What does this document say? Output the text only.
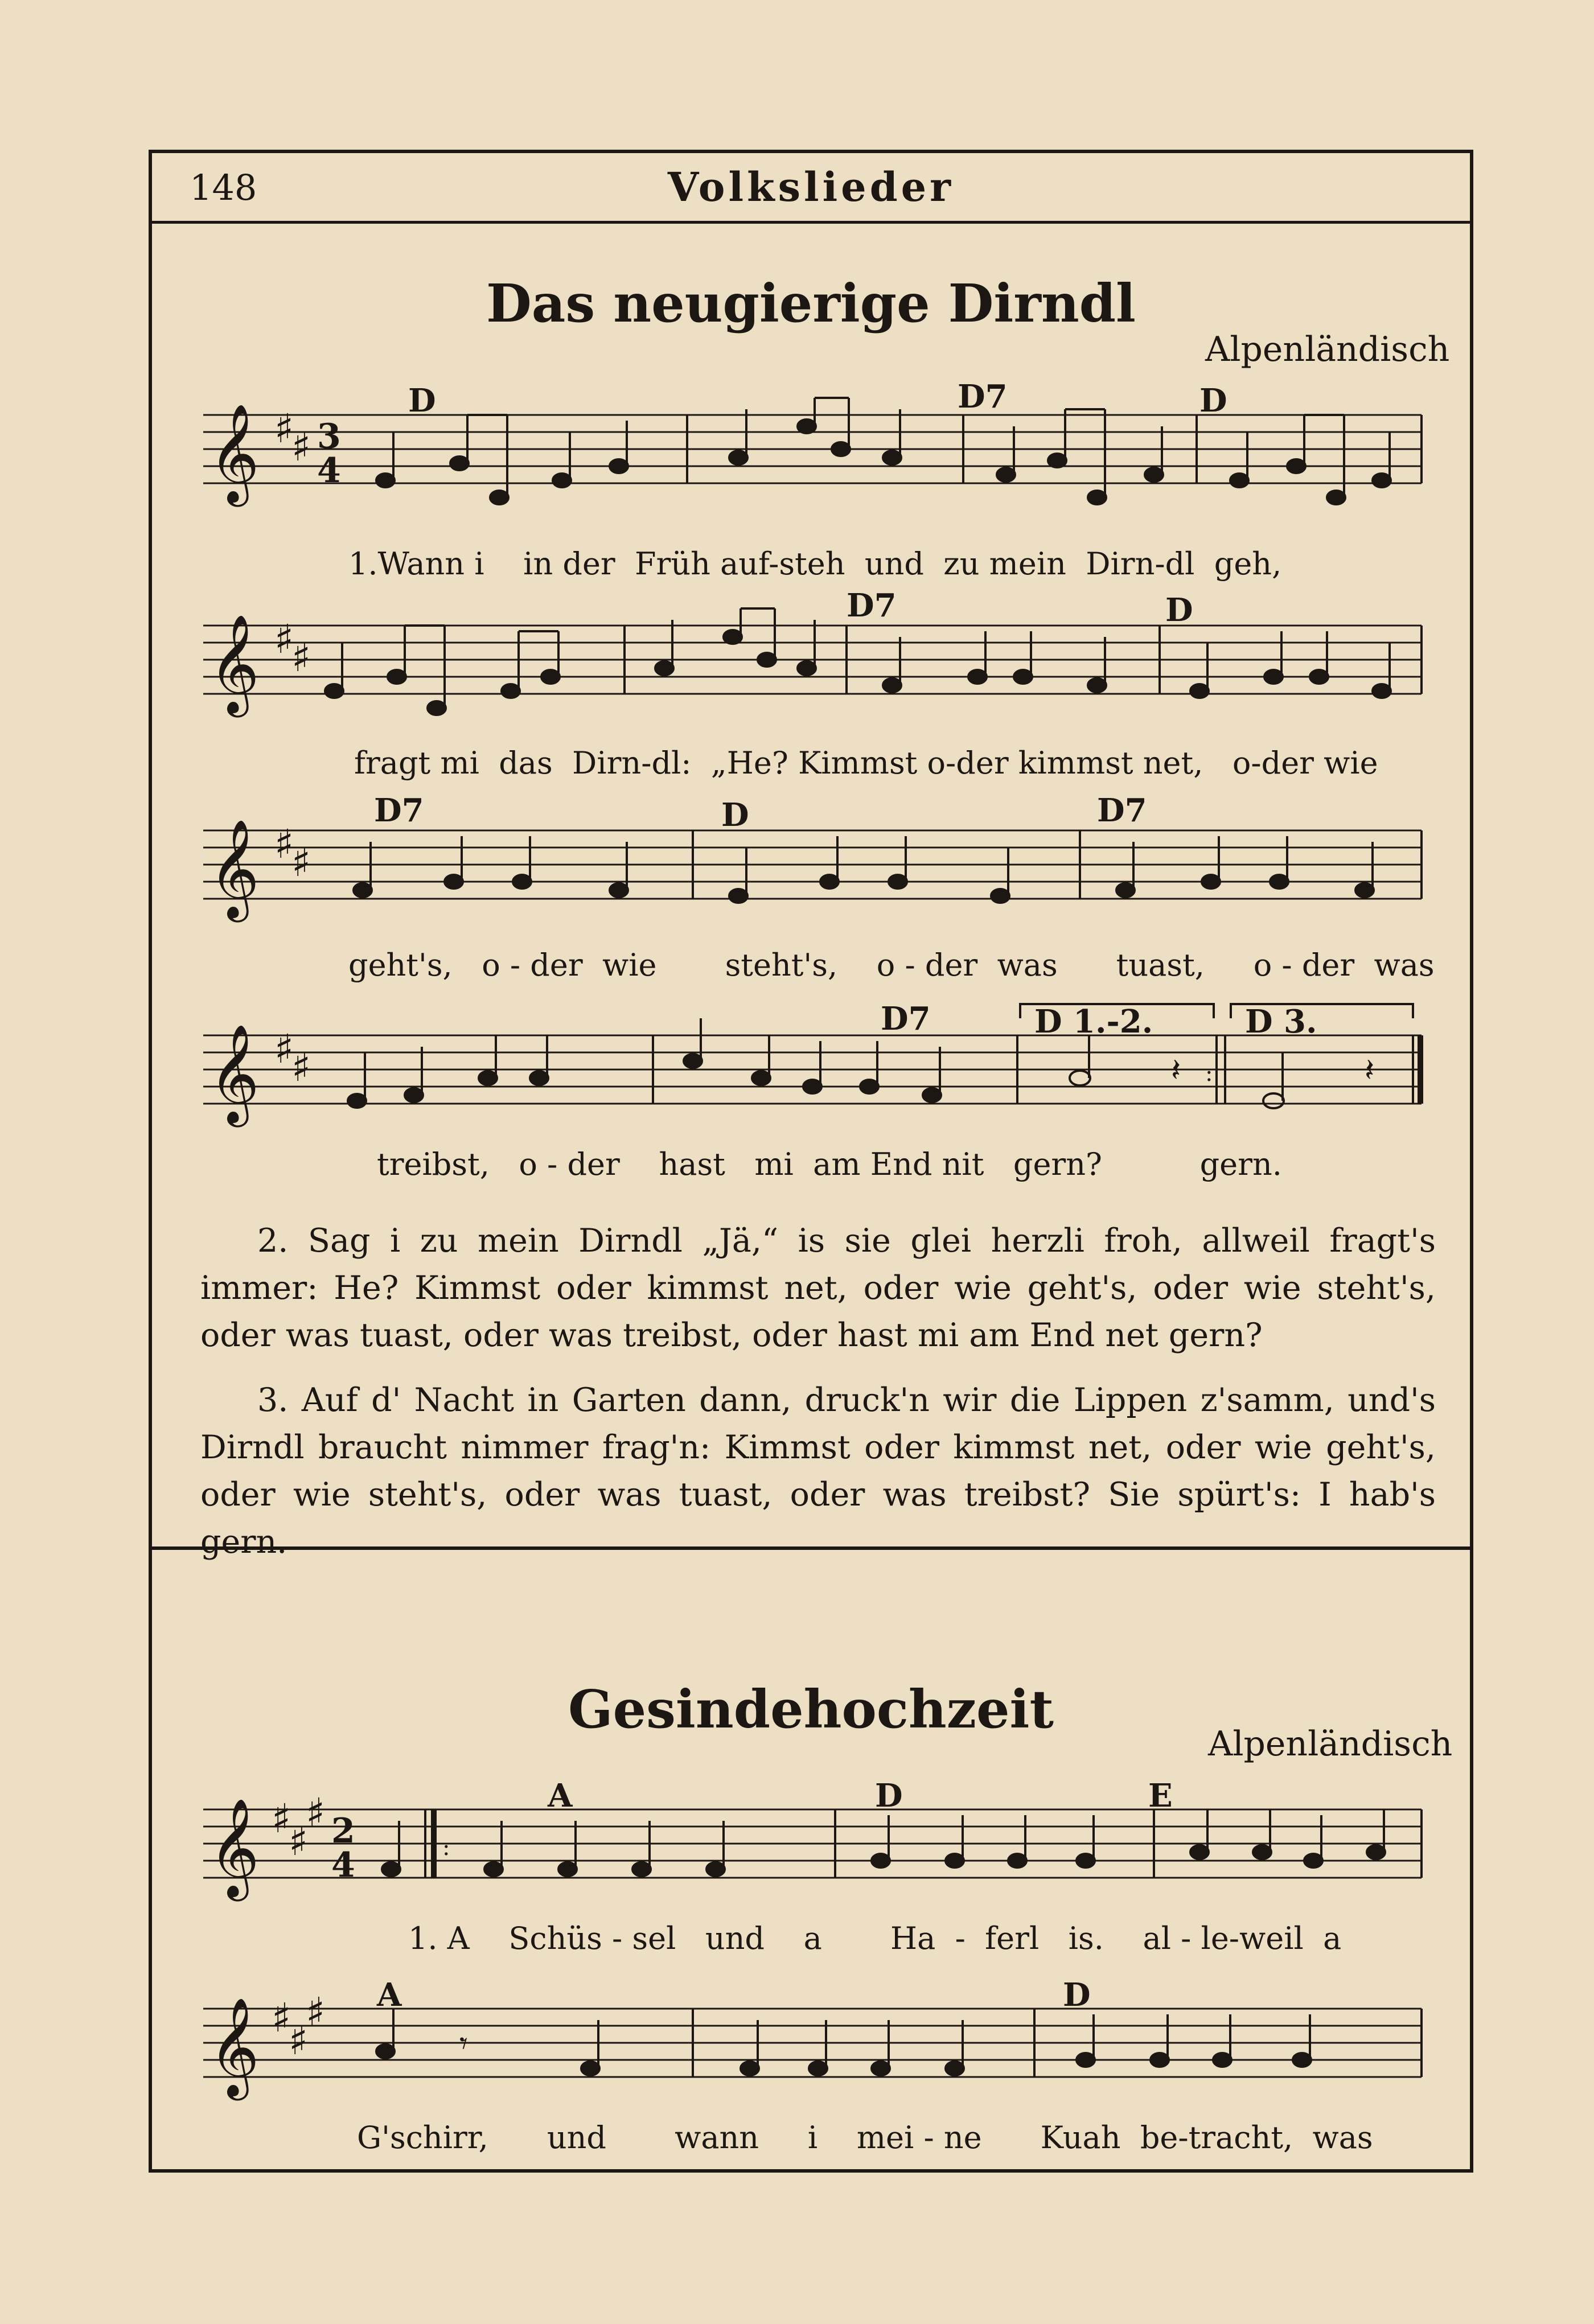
148	Volkslieder
Das neugierige Dirndl
Alpenländisch
𝄞 ♯
♯ 3
4
D	D7	D
1.Wann i    in der  Früh auf-steh  und  zu mein  Dirn-dl  geh,
𝄞 ♯
♯
D7	D
fragt mi  das  Dirn-dl:  „He? Kimmst o-der kimmst net,   o-der wie
𝄞 ♯
♯
D7	D	D7
geht's,   o - der  wie       steht's,    o - der  was      tuast,     o - der  was
𝄞 ♯
♯	𝄽 :	𝄽
D7	D 1.-2.	D 3.
treibst,   o - der    hast   mi  am End nit   gern?          gern.
2. Sag i zu mein Dirndl „Jä,“ is sie glei herzli froh, allweil fragt's immer: He? Kimmst oder kimmst net, oder wie geht's, oder wie steht's, oder was tuast, oder was treibst, oder hast mi am End net gern?
3. Auf d' Nacht in Garten dann, druck'n wir die Lippen z'samm, und's Dirndl braucht nimmer frag'n: Kimmst oder kimmst net, oder wie geht's, oder wie steht's, oder was tuast, oder was treibst? Sie spürt's: I hab's gern.
Gesindehochzeit
Alpenländisch
𝄞 ♯
♯
♯ 2
4	:
A	D	E
1. A    Schüs - sel   und    a       Ha  -  ferl   is.    al - le-weil  a
𝄞 ♯
♯
♯
𝄾
A	D
G'schirr,      und       wann     i    mei - ne      Kuah  be-tracht,  was
